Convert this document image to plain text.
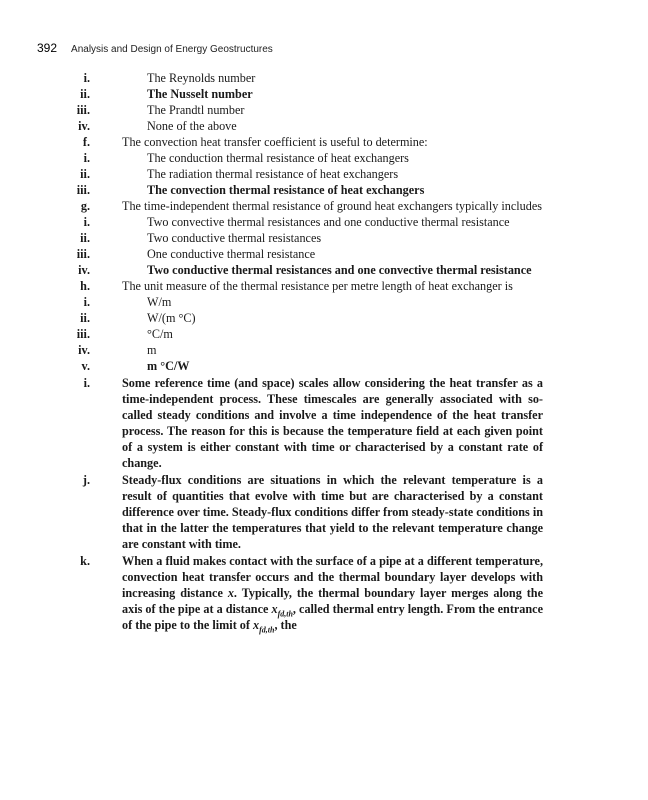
392 Analysis and Design of Energy Geostructures
i.	The Reynolds number
ii.	The Nusselt number
iii.	The Prandtl number
iv.	None of the above
f.	The convection heat transfer coefficient is useful to determine:
i.	The conduction thermal resistance of heat exchangers
ii.	The radiation thermal resistance of heat exchangers
iii.	The convection thermal resistance of heat exchangers
g.	The time-independent thermal resistance of ground heat exchangers typically includes
i.	Two convective thermal resistances and one conductive thermal resistance
ii.	Two conductive thermal resistances
iii.	One conductive thermal resistance
iv.	Two conductive thermal resistances and one convective thermal resistance
h.	The unit measure of the thermal resistance per metre length of heat exchanger is
i.	W/m
ii.	W/(m °C)
iii.	°C/m
iv.	m
v.	m °C/W
i.	Some reference time (and space) scales allow considering the heat transfer as a time-independent process. These timescales are generally associated with so-called steady conditions and involve a time independence of the heat transfer process. The reason for this is because the temperature field at each given point of a system is either constant with time or characterised by a constant rate of change.
j.	Steady-flux conditions are situations in which the relevant temperature is a result of quantities that evolve with time but are characterised by a constant difference over time. Steady-flux conditions differ from steady-state conditions in that in the latter the temperatures that yield to the relevant temperature change are constant with time.
k.	When a fluid makes contact with the surface of a pipe at a different temperature, convection heat transfer occurs and the thermal boundary layer develops with increasing distance x. Typically, the thermal boundary layer merges along the axis of the pipe at a distance $x_{fd,th}$, called thermal entry length. From the entrance of the pipe to the limit of $x_{fd,th}$, the
